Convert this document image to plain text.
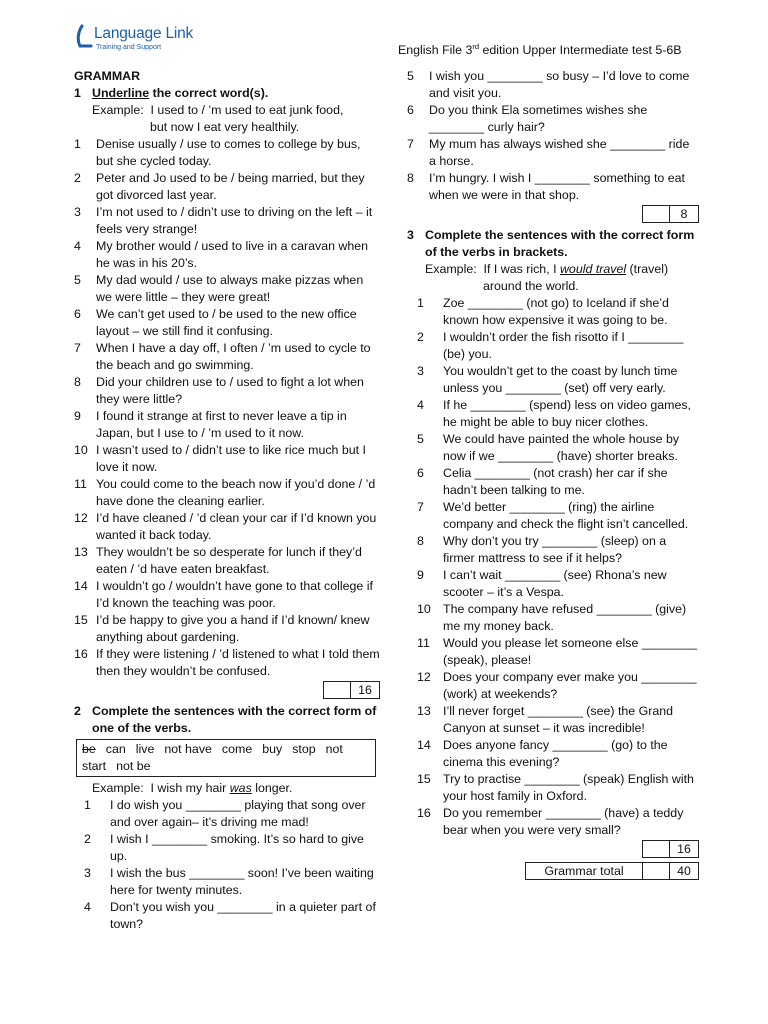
Language Link
Training and Support	English File 3rd edition Upper Intermediate test 5-6B
GRAMMAR
1 Underline the correct word(s).
Example: I used to / ’m used to eat junk food,
but now I eat very healthily.
1	Denise usually / use to comes to college by bus, but she cycled today.
2	Peter and Jo used to be / being married, but they got divorced last year.
3	I’m not used to / didn’t use to driving on the left – it feels very strange!
4	My brother would / used to live in a caravan when he was in his 20’s.
5	My dad would / use to always make pizzas when we were little – they were great!
6	We can’t get used to / be used to the new office layout – we still find it confusing.
7	When I have a day off, I often / ’m used to cycle to the beach and go swimming.
8	Did your children use to / used to fight a lot when they were little?
9	I found it strange at first to never leave a tip in Japan, but I use to / ’m used to it now.
10 I wasn’t used to / didn’t use to like rice much but I love it now.
11 You could come to the beach now if you’d done / ’d have done the cleaning earlier.
12 I’d have cleaned / ’d clean your car if I’d known you wanted it back today.
13 They wouldn’t be so desperate for lunch if they’d eaten / ’d have eaten breakfast.
14 I wouldn’t go / wouldn’t have gone to that college if I’d known the teaching was poor.
15 I’d be happy to give you a hand if I’d known/ knew anything about gardening.
16 If they were listening / ’d listened to what I told them then they wouldn’t be confused.
16
2 Complete the sentences with the correct form of one of the verbs.
be can live not have come buy stop not start not be
Example: I wish my hair was longer.
1	I do wish you ________ playing that song over and over again– it’s driving me mad!
2	I wish I ________ smoking. It’s so hard to give up.
3	I wish the bus ________ soon! I’ve been waiting here for twenty minutes.
4	Don’t you wish you ________ in a quieter part of town?
5	I wish you ________ so busy – I’d love to come and visit you.
6	Do you think Ela sometimes wishes she ________ curly hair?
7	My mum has always wished she ________ ride a horse.
8	I’m hungry. I wish I ________ something to eat when we were in that shop.
8
3 Complete the sentences with the correct form of the verbs in brackets.
Example: If I was rich, I would travel (travel)
around the world.
1	Zoe ________ (not go) to Iceland if she’d known how expensive it was going to be.
2	I wouldn’t order the fish risotto if I ________ (be) you.
3	You wouldn’t get to the coast by lunch time unless you ________ (set) off very early.
4	If he ________ (spend) less on video games, he might be able to buy nicer clothes.
5	We could have painted the whole house by now if we ________ (have) shorter breaks.
6	Celia ________ (not crash) her car if she hadn’t been talking to me.
7	We’d better ________ (ring) the airline company and check the flight isn’t cancelled.
8	Why don’t you try ________ (sleep) on a firmer mattress to see if it helps?
9	I can’t wait ________ (see) Rhona’s new scooter – it’s a Vespa.
10 The company have refused ________ (give) me my money back.
11	Would you please let someone else ________ (speak), please!
12 Does your company ever make you ________ (work) at weekends?
13 I’ll never forget ________ (see) the Grand Canyon at sunset – it was incredible!
14 Does anyone fancy ________ (go) to the cinema this evening?
15 Try to practise ________ (speak) English with your host family in Oxford.
16 Do you remember ________ (have) a teddy bear when you were very small?
16
Grammar total	40
